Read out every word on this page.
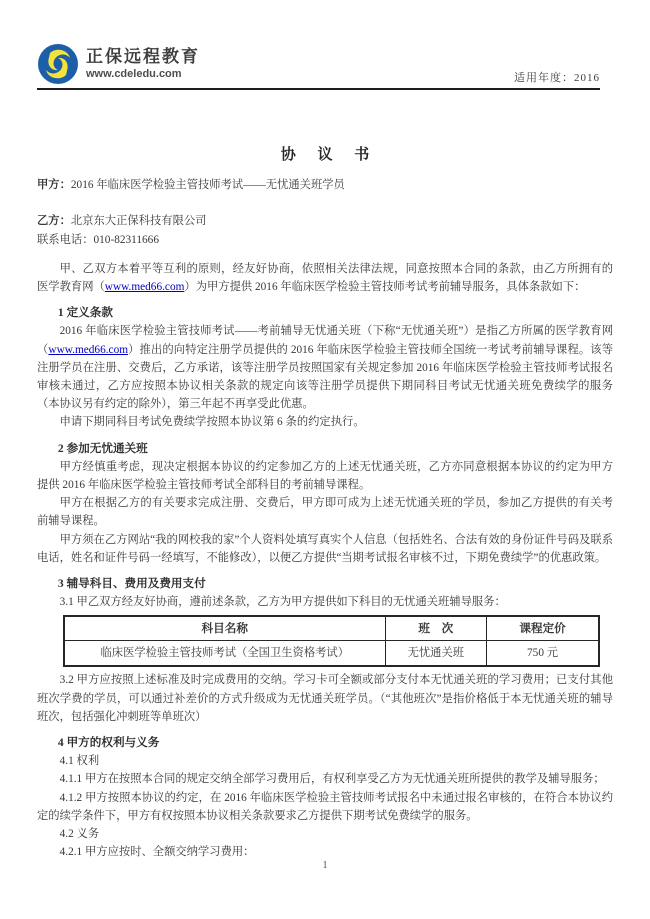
正保远程教育
www.cdeledu.com	适用年度：2016
协 议 书

甲方：2016 年临床医学检验主管技师考试——无忧通关班学员

乙方：北京东大正保科技有限公司

联系电话：010-82311666

甲、乙双方本着平等互利的原则，经友好协商，依照相关法律法规，同意按照本合同的条款，由乙方所拥有的医学教育网（www.med66.com）为甲方提供 2016 年临床医学检验主管技师考试考前辅导服务，具体条款如下：

1 定义条款

2016 年临床医学检验主管技师考试——考前辅导无忧通关班（下称“无忧通关班”）是指乙方所属的医学教育网（www.med66.com）推出的向特定注册学员提供的 2016 年临床医学检验主管技师全国统一考试考前辅导课程。该等注册学员在注册、交费后，乙方承诺，该等注册学员按照国家有关规定参加 2016 年临床医学检验主管技师考试报名审核未通过，乙方应按照本协议相关条款的规定向该等注册学员提供下期同科目考试无忧通关班免费续学的服务（本协议另有约定的除外），第三年起不再享受此优惠。

申请下期同科目考试免费续学按照本协议第 6 条的约定执行。

2 参加无忧通关班

甲方经慎重考虑，现决定根据本协议的约定参加乙方的上述无忧通关班，乙方亦同意根据本协议的约定为甲方提供 2016 年临床医学检验主管技师考试全部科目的考前辅导课程。

甲方在根据乙方的有关要求完成注册、交费后，甲方即可成为上述无忧通关班的学员，参加乙方提供的有关考前辅导课程。

甲方须在乙方网站“我的网校我的家”个人资料处填写真实个人信息（包括姓名、合法有效的身份证件号码及联系电话，姓名和证件号码一经填写，不能修改），以便乙方提供“当期考试报名审核不过，下期免费续学”的优惠政策。

3 辅导科目、费用及费用支付

3.1 甲乙双方经友好协商，遵前述条款，乙方为甲方提供如下科目的无忧通关班辅导服务：

科目名称	班　次	课程定价
临床医学检验主管技师考试（全国卫生资格考试）	无忧通关班	750 元

3.2 甲方应按照上述标准及时完成费用的交纳。学习卡可全额或部分支付本无忧通关班的学习费用；已支付其他班次学费的学员，可以通过补差价的方式升级成为无忧通关班学员。（“其他班次”是指价格低于本无忧通关班的辅导班次，包括强化冲刺班等单班次）

4 甲方的权利与义务

4.1 权利

4.1.1 甲方在按照本合同的规定交纳全部学习费用后，有权利享受乙方为无忧通关班所提供的教学及辅导服务；

4.1.2 甲方按照本协议的约定，在 2016 年临床医学检验主管技师考试报名中未通过报名审核的，在符合本协议约定的续学条件下，甲方有权按照本协议相关条款要求乙方提供下期考试免费续学的服务。

4.2 义务

4.2.1 甲方应按时、全额交纳学习费用：

1
